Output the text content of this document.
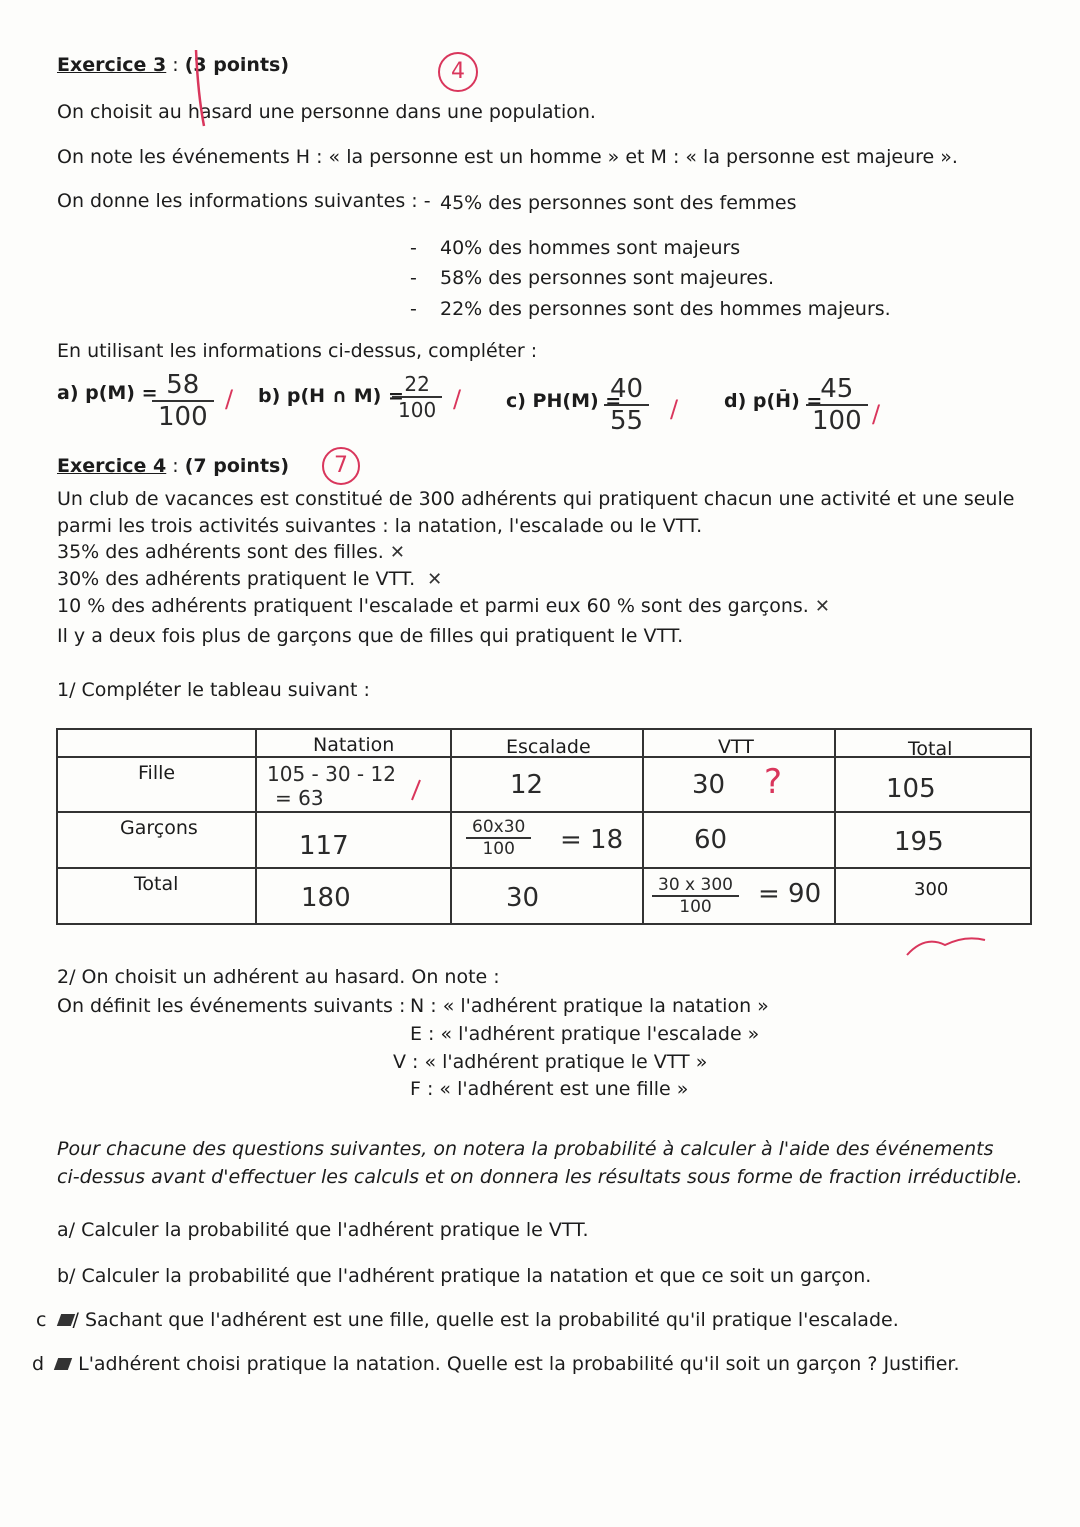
Exercice 3 : (3 points)	4
On choisit au hasard une personne dans une population.
On note les événements H : « la personne est un homme » et M : « la personne est majeure ».
On donne les informations suivantes : - 45% des personnes sont des femmes
- 40% des hommes sont majeurs
- 58% des personnes sont majeures.
- 22% des personnes sont des hommes majeurs.
En utilisant les informations ci-dessus, compléter :
a) p(M) =
$\frac{58}{100} / b$) p(H ∩ M) =
$\frac{22}{100} / c$) PH(M) =
$\frac{40}{55} / d$) p(H̄) =
$\frac{45}{100}$ /
Exercice 4 : (7 points)	7
Un club de vacances est constitué de 300 adhérents qui pratiquent chacun une activité et une seule
parmi les trois activités suivantes : la natation, l'escalade ou le VTT.
35% des adhérents sont des filles. ✕
30% des adhérents pratiquent le VTT. ✕
10 % des adhérents pratiquent l'escalade et parmi eux 60 % sont des garçons. ✕
Il y a deux fois plus de garçons que de filles qui pratiquent le VTT.
1/ Compléter le tableau suivant :

	Natation	Escalade	VTT	Total

Fille	105 - 30 - 12
= 63	12	30 ?	105

Garçons	117	$\frac{60x30}{100} = 18$	60	195

Total	180	30	$\frac{30 x 300}{100} = 90$	300
2/ On choisit un adhérent au hasard. On note :
On définit les événements suivants : N : « l'adhérent pratique la natation »
E : « l'adhérent pratique l'escalade »
V : « l'adhérent pratique le VTT »
F : « l'adhérent est une fille »
Pour chacune des questions suivantes, on notera la probabilité à calculer à l'aide des événements
ci-dessus avant d'effectuer les calculs et on donnera les résultats sous forme de fraction irréductible.
a/ Calculer la probabilité que l'adhérent pratique le VTT.
b/ Calculer la probabilité que l'adhérent pratique la natation et que ce soit un garçon.
c / Sachant que l'adhérent est une fille, quelle est la probabilité qu'il pratique l'escalade.
d L'adhérent choisi pratique la natation. Quelle est la probabilité qu'il soit un garçon ? Justifier.
